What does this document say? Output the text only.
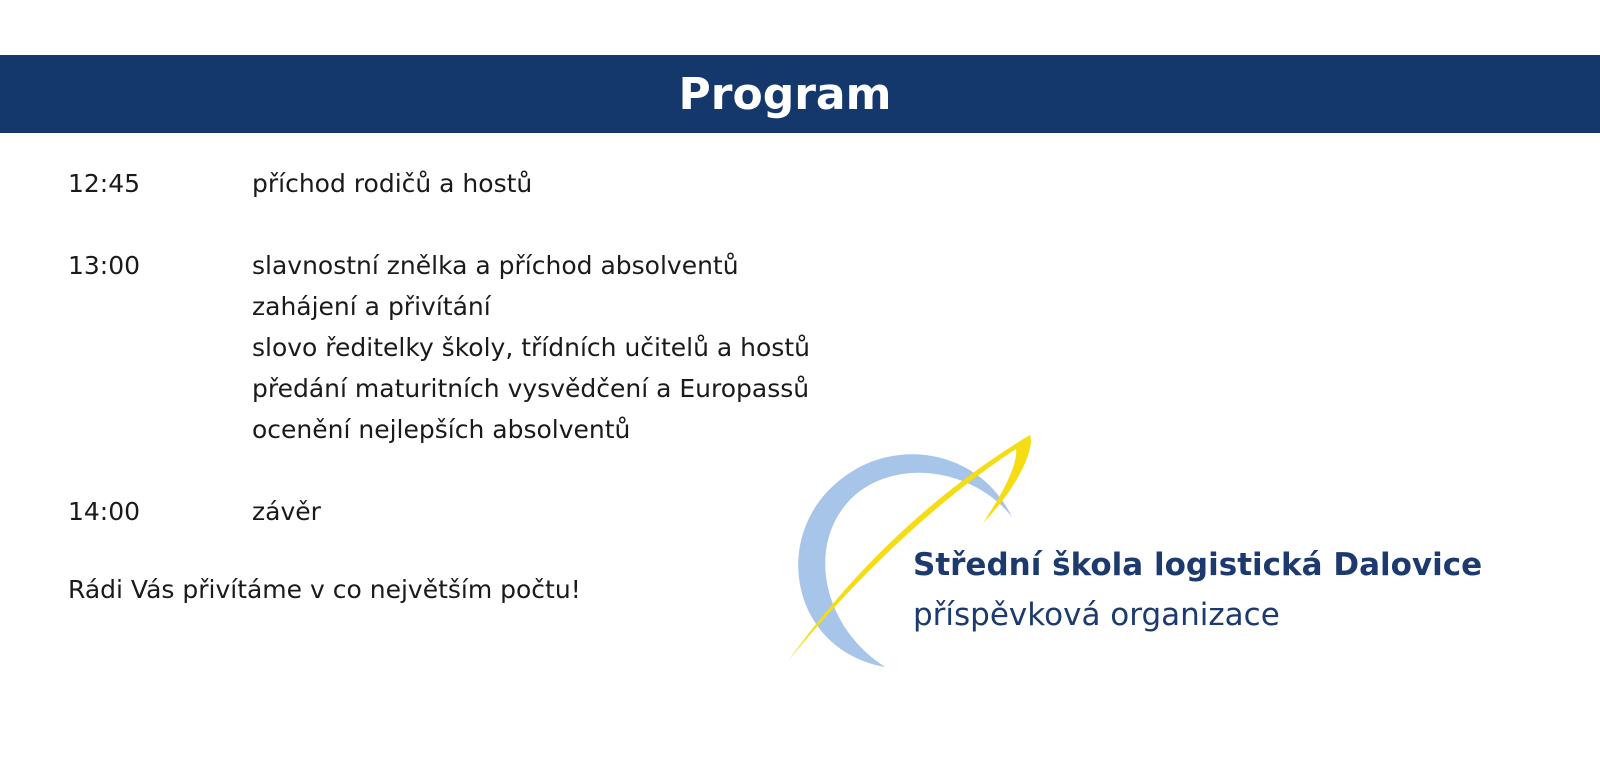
Program
12:45	příchod rodičů a hostů
13:00	slavnostní znělka a příchod absolventů
zahájení a přivítání
slovo ředitelky školy, třídních učitelů a hostů
předání maturitních vysvědčení a Europassů
ocenění nejlepších absolventů
14:00	závěr
Rádi Vás přivítáme v co největším počtu!
Střední škola logistická Dalovice
příspěvková organizace
